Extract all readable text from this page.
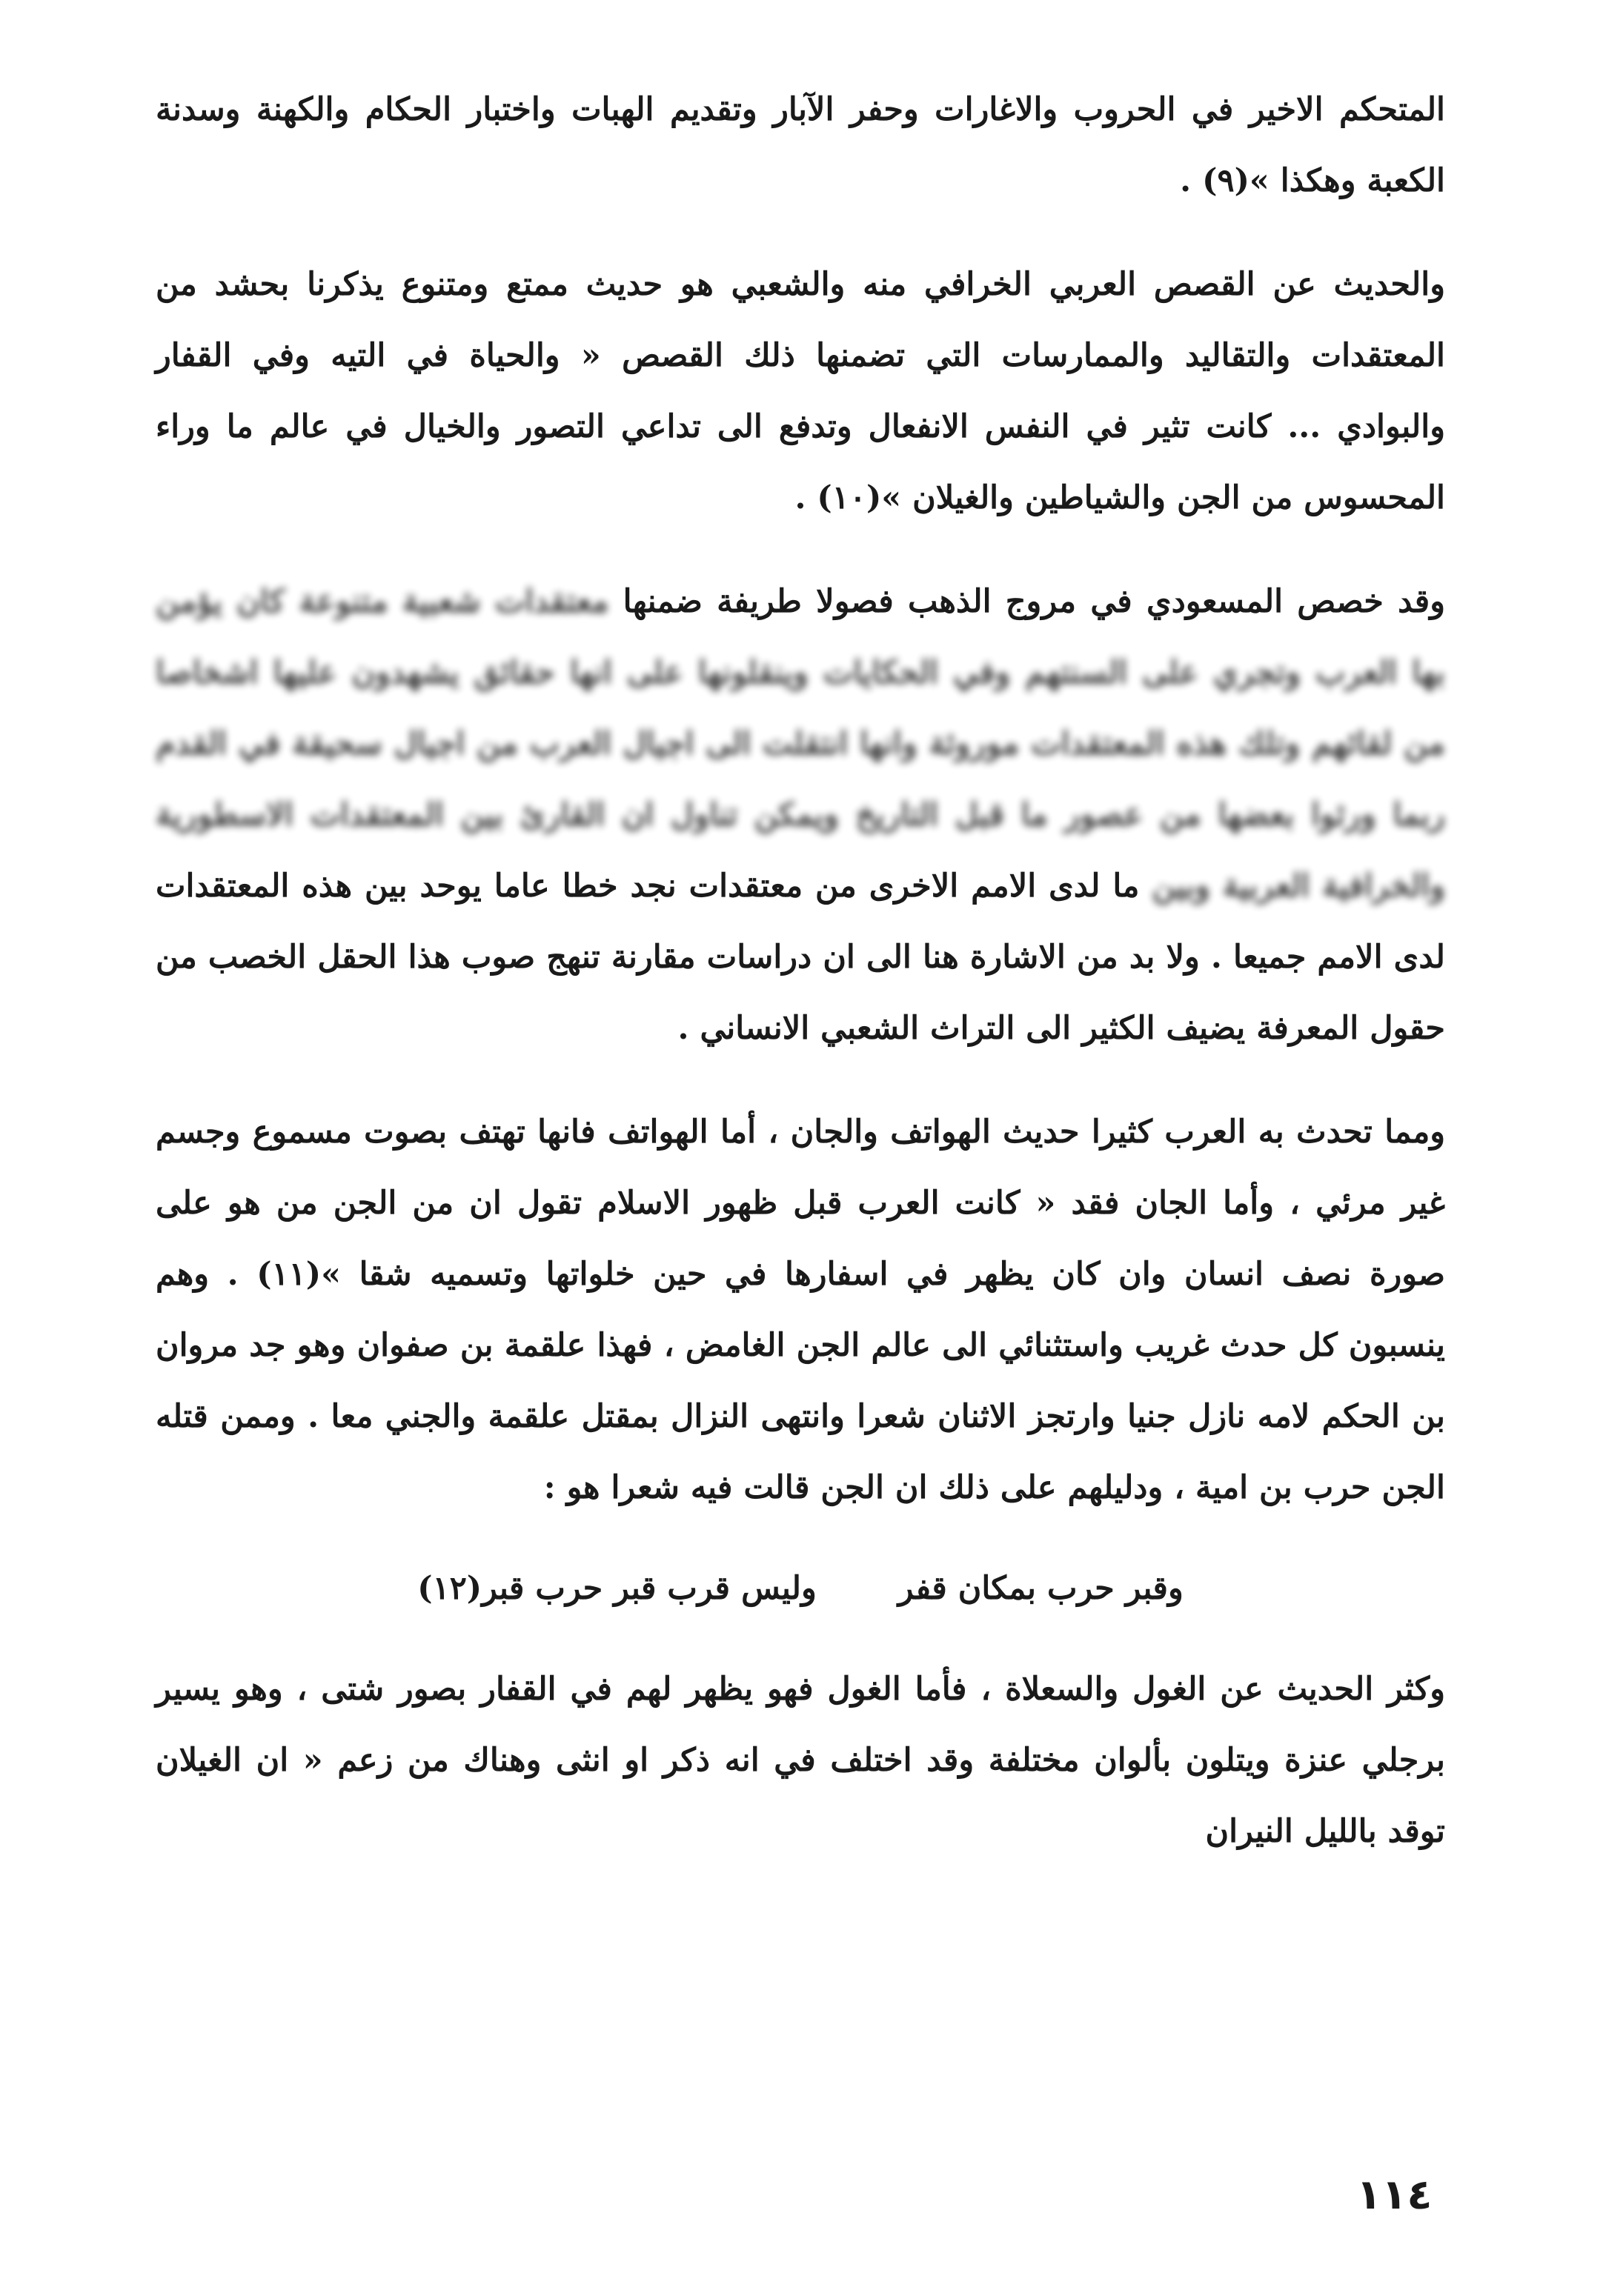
المتحكم الاخير في الحروب والاغارات وحفر الآبار وتقديم الهبات واختبار الحكام والكهنة وسدنة الكعبة وهكذا »(٩) .

والحديث عن القصص العربي الخرافي منه والشعبي هو حديث ممتع ومتنوع يذكرنا بحشد من المعتقدات والتقاليد والممارسات التي تضمنها ذلك القصص « والحياة في التيه وفي القفار والبوادي ... كانت تثير في النفس الانفعال وتدفع الى تداعي التصور والخيال في عالم ما وراء المحسوس من الجن والشياطين والغيلان »(١٠) .

وقد خصص المسعودي في مروج الذهب فصولا طريفة ضمنها معتقدات شعبية متنوعة كان يؤمن بها العرب وتجري على السنتهم وفي الحكايات وينقلونها على انها حقائق يشهدون عليها اشخاصا من لقائهم وتلك هذه المعتقدات موروثة وانها انتقلت الى اجيال العرب من اجيال سحيقة في القدم ربما ورثوا بعضها من عصور ما قبل التاريخ ويمكن تناول ان القارئ بين المعتقدات الاسطورية والخرافية العربية وبين ما لدى الامم الاخرى من معتقدات نجد خطا عاما يوحد بين هذه المعتقدات لدى الامم جميعا . ولا بد من الاشارة هنا الى ان دراسات مقارنة تنهج صوب هذا الحقل الخصب من حقول المعرفة يضيف الكثير الى التراث الشعبي الانساني .

ومما تحدث به العرب كثيرا حديث الهواتف والجان ، أما الهواتف فانها تهتف بصوت مسموع وجسم غير مرئي ، وأما الجان فقد « كانت العرب قبل ظهور الاسلام تقول ان من الجن من هو على صورة نصف انسان وان كان يظهر في اسفارها في حين خلواتها وتسميه شقا »(١١) . وهم ينسبون كل حدث غريب واستثنائي الى عالم الجن الغامض ، فهذا علقمة بن صفوان وهو جد مروان بن الحكم لامه نازل جنيا وارتجز الاثنان شعرا وانتهى النزال بمقتل علقمة والجني معا . وممن قتله الجن حرب بن امية ، ودليلهم على ذلك ان الجن قالت فيه شعرا هو :

وقبر حرب بمكان قفر
وليس قرب قبر حرب قبر(١٢)

وكثر الحديث عن الغول والسعلاة ، فأما الغول فهو يظهر لهم في القفار بصور شتى ، وهو يسير برجلي عنزة ويتلون بألوان مختلفة وقد اختلف في انه ذكر او انثى وهناك من زعم « ان الغيلان توقد بالليل النيران

١١٤
